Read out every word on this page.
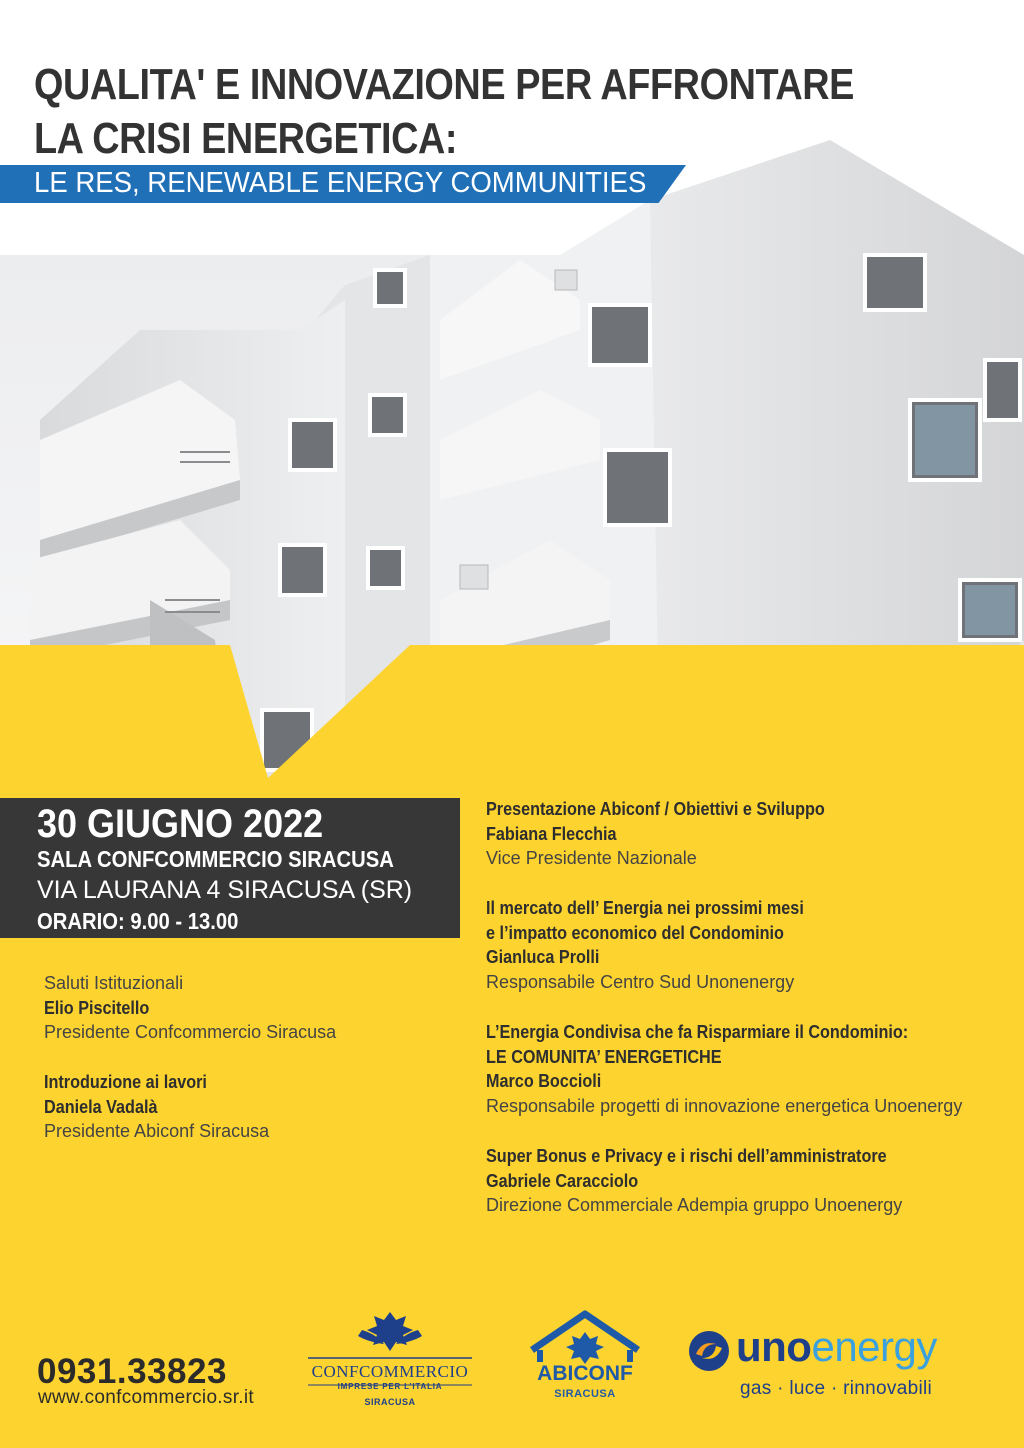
QUALITA' E INNOVAZIONE PER AFFRONTARE
LA CRISI ENERGETICA:
LE RES, RENEWABLE ENERGY COMMUNITIES
30 GIUGNO 2022
SALA CONFCOMMERCIO SIRACUSA
VIA LAURANA 4 SIRACUSA (SR)
ORARIO: 9.00 - 13.00
Saluti Istituzionali
Elio Piscitello
Presidente Confcommercio Siracusa
Introduzione ai lavori
Daniela Vadalà
Presidente Abiconf Siracusa
Presentazione Abiconf / Obiettivi e Sviluppo
Fabiana Flecchia
Vice Presidente Nazionale
Il mercato dell’ Energia nei prossimi mesi
e l’impatto economico del Condominio
Gianluca Prolli
Responsabile Centro Sud Unonenergy
L’Energia Condivisa che fa Risparmiare il Condominio:
LE COMUNITA’ ENERGETICHE
Marco Boccioli
Responsabile progetti di innovazione energetica Unoenergy
Super Bonus e Privacy e i rischi dell’amministratore
Gabriele Caracciolo
Direzione Commerciale Adempia gruppo Unoenergy
0931.33823
www.confcommercio.sr.it
CONFCOMMERCIO
IMPRESE PER L’ITALIA
SIRACUSA
ABICONF
SIRACUSA
unoenergy
gas · luce · rinnovabili
